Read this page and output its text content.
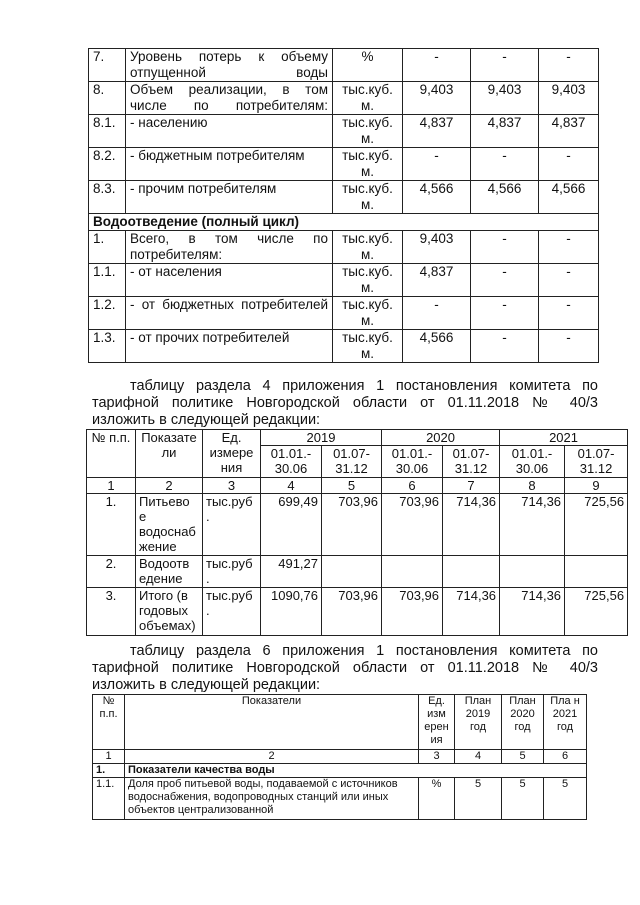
7.	Уровень потерь к объему отпущенной воды	%	-	-	-
8.	Объем реализации, в том числе по потребителям:	тыс.куб. м.	9,403	9,403	9,403
8.1.	- населению	тыс.куб. м.	4,837	4,837	4,837
8.2.	- бюджетным потребителям	тыс.куб. м.	-	-	-
8.3.	- прочим потребителям	тыс.куб. м.	4,566	4,566	4,566
Водоотведение (полный цикл)					
1.	Всего, в том числе по потребителям:	тыс.куб. м.	9,403	-	-
1.1.	- от населения	тыс.куб. м.	4,837	-	-
1.2.	- от бюджетных потребителей	тыс.куб. м.	-	-	-
1.3.	- от прочих потребителей	тыс.куб. м.	4,566	-	-
таблицу раздела 4 приложения 1 постановления комитета по тарифной политике Новгородской области от 01.11.2018 № 40/3
изложить в следующей редакции:
№ п.п.	Показате ли	Ед. измере ния	2019		2020		2021	
			01.01.- 30.06	01.07- 31.12	01.01.- 30.06	01.07- 31.12	01.01.- 30.06	01.07- 31.12
1	2	3	4	5	6	7	8	9
1.	Питьево е водоснаб жение	тыс.руб .	699,49	703,96	703,96	714,36	714,36	725,56
2.	Водоотв едение	тыс.руб .	491,27					
3.	Итого (в годовых объемах)	тыс.руб .	1090,76	703,96	703,96	714,36	714,36	725,56
таблицу раздела 6 приложения 1 постановления комитета по тарифной политике Новгородской области от 01.11.2018 № 40/3
изложить в следующей редакции:
№ п.п.	Показатели	Ед. изм ерен ия	План 2019 год	План 2020 год	Пла н 2021 год
1	2	3	4	5	6
1.	Показатели качества воды				
1.1.	Доля проб питьевой воды, подаваемой с источников водоснабжения, водопроводных станций или иных объектов централизованной	%	5	5	5
